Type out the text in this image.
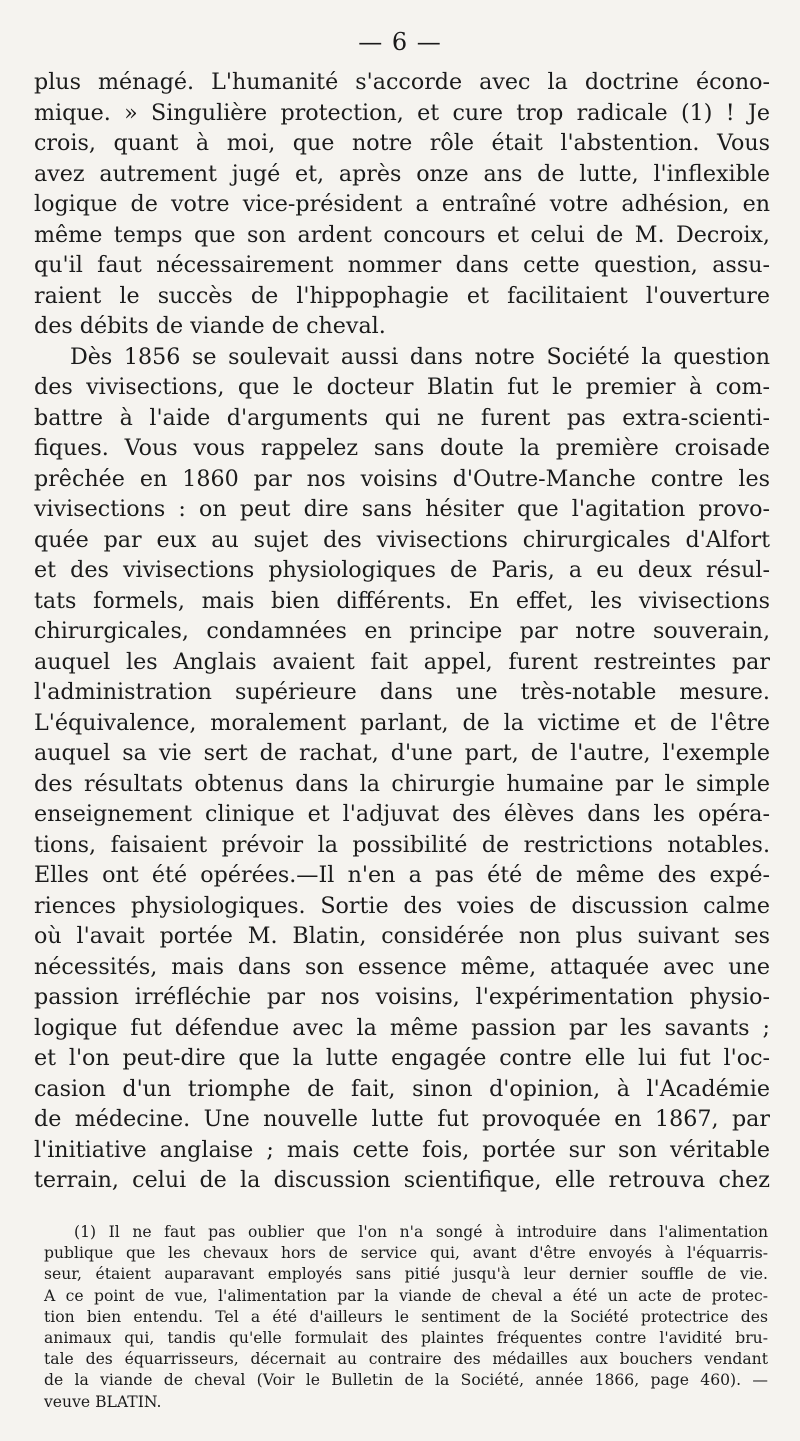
— 6 —
plus ménagé. L'humanité s'accorde avec la doctrine écono-
mique. » Singulière protection, et cure trop radicale (1) ! Je
crois, quant à moi, que notre rôle était l'abstention. Vous
avez autrement jugé et, après onze ans de lutte, l'inflexible
logique de votre vice-président a entraîné votre adhésion, en
même temps que son ardent concours et celui de M. Decroix,
qu'il faut nécessairement nommer dans cette question, assu-
raient le succès de l'hippophagie et facilitaient l'ouverture
des débits de viande de cheval.
Dès 1856 se soulevait aussi dans notre Société la question
des vivisections, que le docteur Blatin fut le premier à com-
battre à l'aide d'arguments qui ne furent pas extra-scienti-
fiques. Vous vous rappelez sans doute la première croisade
prêchée en 1860 par nos voisins d'Outre-Manche contre les
vivisections : on peut dire sans hésiter que l'agitation provo-
quée par eux au sujet des vivisections chirurgicales d'Alfort
et des vivisections physiologiques de Paris, a eu deux résul-
tats formels, mais bien différents. En effet, les vivisections
chirurgicales, condamnées en principe par notre souverain,
auquel les Anglais avaient fait appel, furent restreintes par
l'administration supérieure dans une très-notable mesure.
L'équivalence, moralement parlant, de la victime et de l'être
auquel sa vie sert de rachat, d'une part, de l'autre, l'exemple
des résultats obtenus dans la chirurgie humaine par le simple
enseignement clinique et l'adjuvat des élèves dans les opéra-
tions, faisaient prévoir la possibilité de restrictions notables.
Elles ont été opérées.—Il n'en a pas été de même des expé-
riences physiologiques. Sortie des voies de discussion calme
où l'avait portée M. Blatin, considérée non plus suivant ses
nécessités, mais dans son essence même, attaquée avec une
passion irréfléchie par nos voisins, l'expérimentation physio-
logique fut défendue avec la même passion par les savants ;
et l'on peut-dire que la lutte engagée contre elle lui fut l'oc-
casion d'un triomphe de fait, sinon d'opinion, à l'Académie
de médecine. Une nouvelle lutte fut provoquée en 1867, par
l'initiative anglaise ; mais cette fois, portée sur son véritable
terrain, celui de la discussion scientifique, elle retrouva chez
(1) Il ne faut pas oublier que l'on n'a songé à introduire dans l'alimentation
publique que les chevaux hors de service qui, avant d'être envoyés à l'équarris-
seur, étaient auparavant employés sans pitié jusqu'à leur dernier souffle de vie.
A ce point de vue, l'alimentation par la viande de cheval a été un acte de protec-
tion bien entendu. Tel a été d'ailleurs le sentiment de la Société protectrice des
animaux qui, tandis qu'elle formulait des plaintes fréquentes contre l'avidité bru-
tale des équarrisseurs, décernait au contraire des médailles aux bouchers vendant
de la viande de cheval (Voir le Bulletin de la Société, année 1866, page 460). —
veuve BLATIN.
